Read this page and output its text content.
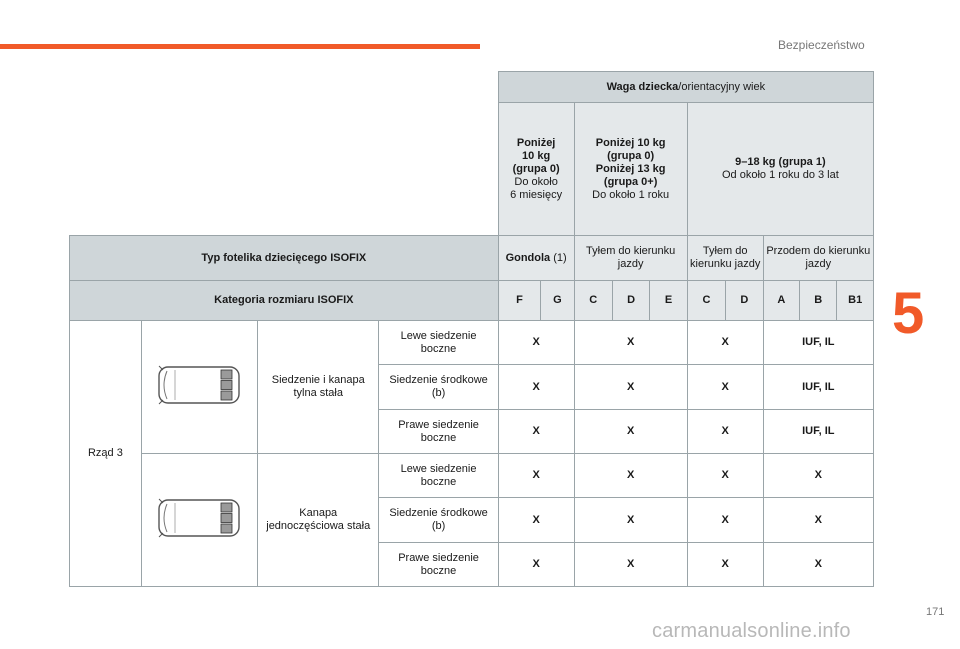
Bezpieczeństwo
5
171
carmanualsonline.info
				Waga dziecka/orientacyjny wiek									
				Poniżej
10 kg
(grupa 0)
Do około
6 miesięcy		Poniżej 10 kg
(grupa 0)
Poniżej 13 kg
(grupa 0+)
Do około 1 roku			9–18 kg (grupa 1)
Od około 1 roku do 3 lat				
Typ fotelika dziecięcego ISOFIX				Gondola (1)		Tyłem do kierunku jazdy			Tyłem do kierunku jazdy		Przodem do kierunku jazdy		
Kategoria rozmiaru ISOFIX				F	G	C	D	E	C	D	A	B	B1
Rząd 3		Siedzenie i kanapa tylna stała	Lewe siedzenie boczne	X		X			X		IUF, IL		
			Siedzenie środkowe (b)	X		X			X		IUF, IL		
			Prawe siedzenie boczne	X		X			X		IUF, IL		
	Kanapa jednoczęściowa stała	Lewe siedzenie boczne	X		X			X		X		
			Siedzenie środkowe (b)	X		X			X		X		
			Prawe siedzenie boczne	X		X			X		X		
